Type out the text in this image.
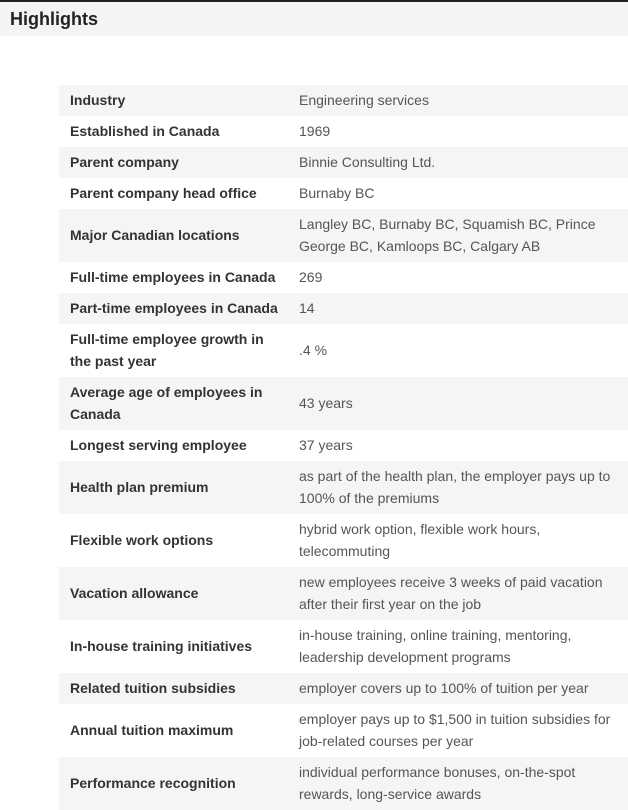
Highlights
Industry	Engineering services
Established in Canada	1969
Parent company	Binnie Consulting Ltd.
Parent company head office	Burnaby BC
Major Canadian locations	Langley BC, Burnaby BC, Squamish BC, Prince George BC, Kamloops BC, Calgary AB
Full-time employees in Canada	269
Part-time employees in Canada	14
Full-time employee growth in the past year	.4 %
Average age of employees in Canada	43 years
Longest serving employee	37 years
Health plan premium	as part of the health plan, the employer pays up to 100% of the premiums
Flexible work options	hybrid work option, flexible work hours, telecommuting
Vacation allowance	new employees receive 3 weeks of paid vacation after their first year on the job
In-house training initiatives	in-house training, online training, mentoring, leadership development programs
Related tuition subsidies	employer covers up to 100% of tuition per year
Annual tuition maximum	employer pays up to $1,500 in tuition subsidies for job-related courses per year
Performance recognition	individual performance bonuses, on-the-spot rewards, long-service awards
